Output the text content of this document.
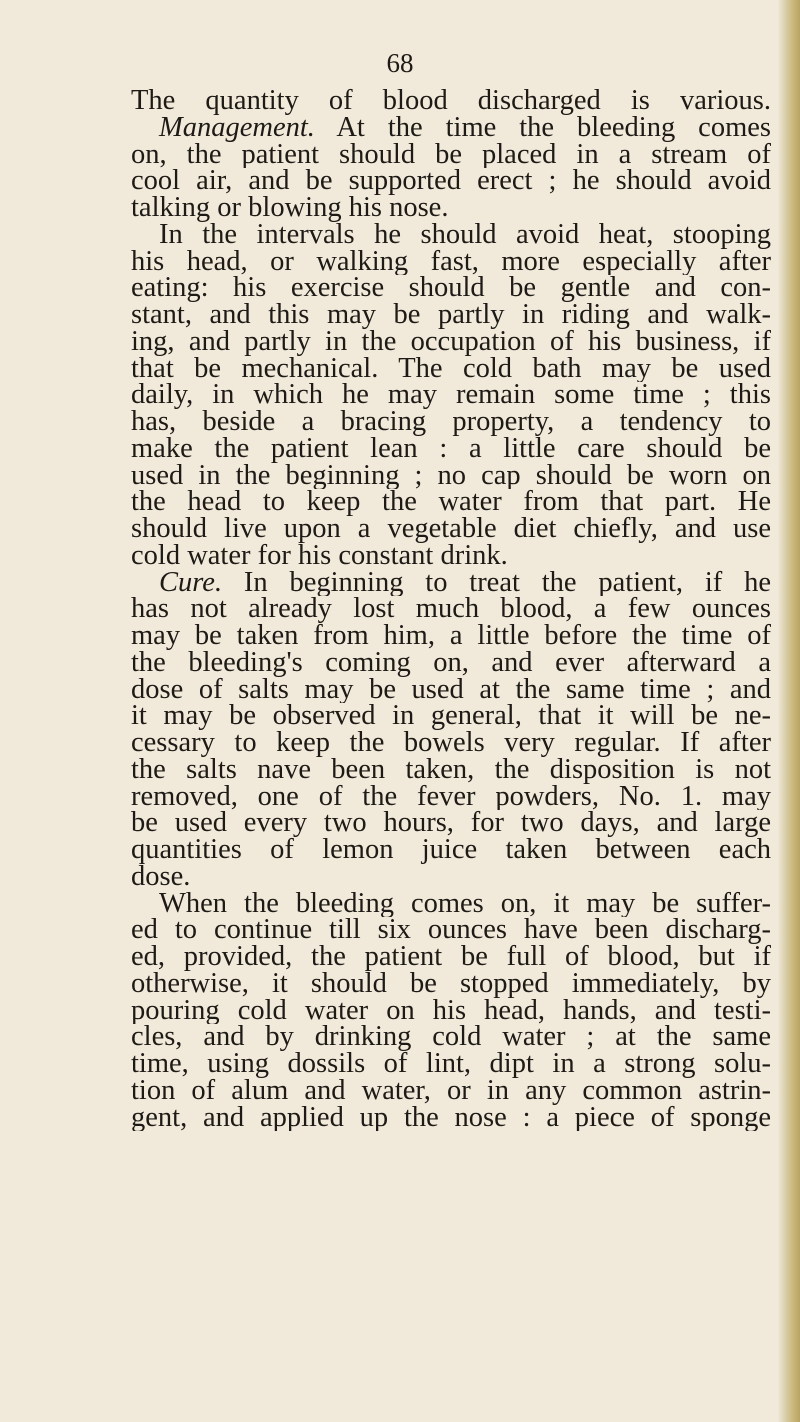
68
The quantity of blood discharged is various.
Management. At the time the bleeding comes
on, the patient should be placed in a stream of
cool air, and be supported erect ; he should avoid
talking or blowing his nose.
In the intervals he should avoid heat, stooping
his head, or walking fast, more especially after
eating: his exercise should be gentle and con-
stant, and this may be partly in riding and walk-
ing, and partly in the occupation of his business, if
that be mechanical. The cold bath may be used
daily, in which he may remain some time ; this
has, beside a bracing property, a tendency to
make the patient lean : a little care should be
used in the beginning ; no cap should be worn on
the head to keep the water from that part. He
should live upon a vegetable diet chiefly, and use
cold water for his constant drink.
Cure. In beginning to treat the patient, if he
has not already lost much blood, a few ounces
may be taken from him, a little before the time of
the bleeding's coming on, and ever afterward a
dose of salts may be used at the same time ; and
it may be observed in general, that it will be ne-
cessary to keep the bowels very regular. If after
the salts nave been taken, the disposition is not
removed, one of the fever powders, No. 1. may
be used every two hours, for two days, and large
quantities of lemon juice taken between each
dose.
When the bleeding comes on, it may be suffer-
ed to continue till six ounces have been discharg-
ed, provided, the patient be full of blood, but if
otherwise, it should be stopped immediately, by
pouring cold water on his head, hands, and testi-
cles, and by drinking cold water ; at the same
time, using dossils of lint, dipt in a strong solu-
tion of alum and water, or in any common astrin-
gent, and applied up the nose : a piece of sponge
